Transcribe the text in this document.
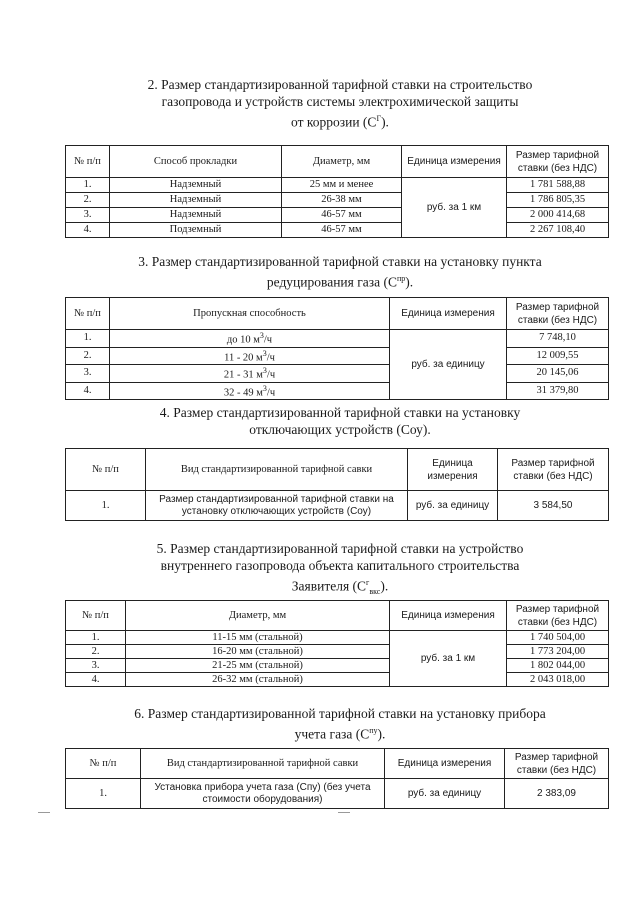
2. Размер стандартизированной тарифной ставки на строительство
газопровода и устройств системы электрохимической защиты
от коррозии $(С^Г)$.
№ п/п	Способ прокладки	Диаметр, мм	Единица измерения	Размер тарифной ставки (без НДС)
1.	Надземный	25 мм и менее	руб. за 1 км	1 781 588,88
2.	Надземный	26-38 мм		1 786 805,35
3.	Надземный	46-57 мм		2 000 414,68
4.	Подземный	46-57 мм		2 267 108,40
3. Размер стандартизированной тарифной ставки на установку пункта
редуцирования газа $(С^{пр})$.
№ п/п	Пропускная способность	Единица измерения	Размер тарифной ставки (без НДС)
1.	до 10 $м^3/ч$	руб. за единицу	7 748,10
2.	11 - 20 $м^3/ч$		12 009,55
3.	21 - 31 $м^3/ч$		20 145,06
4.	32 - 49 $м^3/ч$		31 379,80
4. Размер стандартизированной тарифной ставки на установку
отключающих устройств (Соу).
№ п/п	Вид стандартизированной тарифной савки	Единица измерения	Размер тарифной ставки (без НДС)
1.	Размер стандартизированной тарифной ставки на установку отключающих устройств (Соу)	руб. за единицу	3 584,50
5. Размер стандартизированной тарифной ставки на устройство
внутреннего газопровода объекта капитального строительства
Заявителя $(С^г_{вкс})$.
№ п/п	Диаметр, мм	Единица измерения	Размер тарифной ставки (без НДС)
1.	11-15 мм (стальной)	руб. за 1 км	1 740 504,00
2.	16-20 мм (стальной)		1 773 204,00
3.	21-25 мм (стальной)		1 802 044,00
4.	26-32 мм (стальной)		2 043 018,00
6. Размер стандартизированной тарифной ставки на установку прибора
учета газа $(С^{пу})$.
№ п/п	Вид стандартизированной тарифной савки	Единица измерения	Размер тарифной ставки (без НДС)
1.	Установка прибора учета газа (Спу) (без учета стоимости оборудования)	руб. за единицу	2 383,09
